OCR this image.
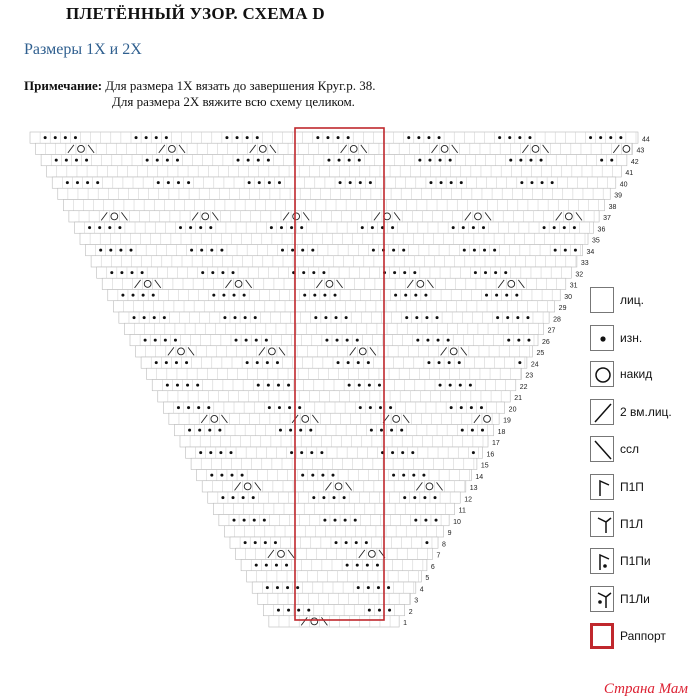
ПЛЕТЁННЫЙ УЗОР. СХЕМА D
Размеры 1Х и 2Х
Примечание: Для размера 1Х вязать до завершения Круг.р. 38.
Для размера 2Х вяжите всю схему целиком.
44
43
42
41
40
39
38
37
36
35
34
33
32
31
30
29
28
27
26
25
24
23
22
21
20
19
18
17
16
15
14
13
12
11
10
9
8
7
6
5
4
3
2
1
лиц.
изн.
накид
2 вм.лиц.
ссл
П1П
П1Л
П1Пи
П1Ли
Раппорт
Страна Мам
